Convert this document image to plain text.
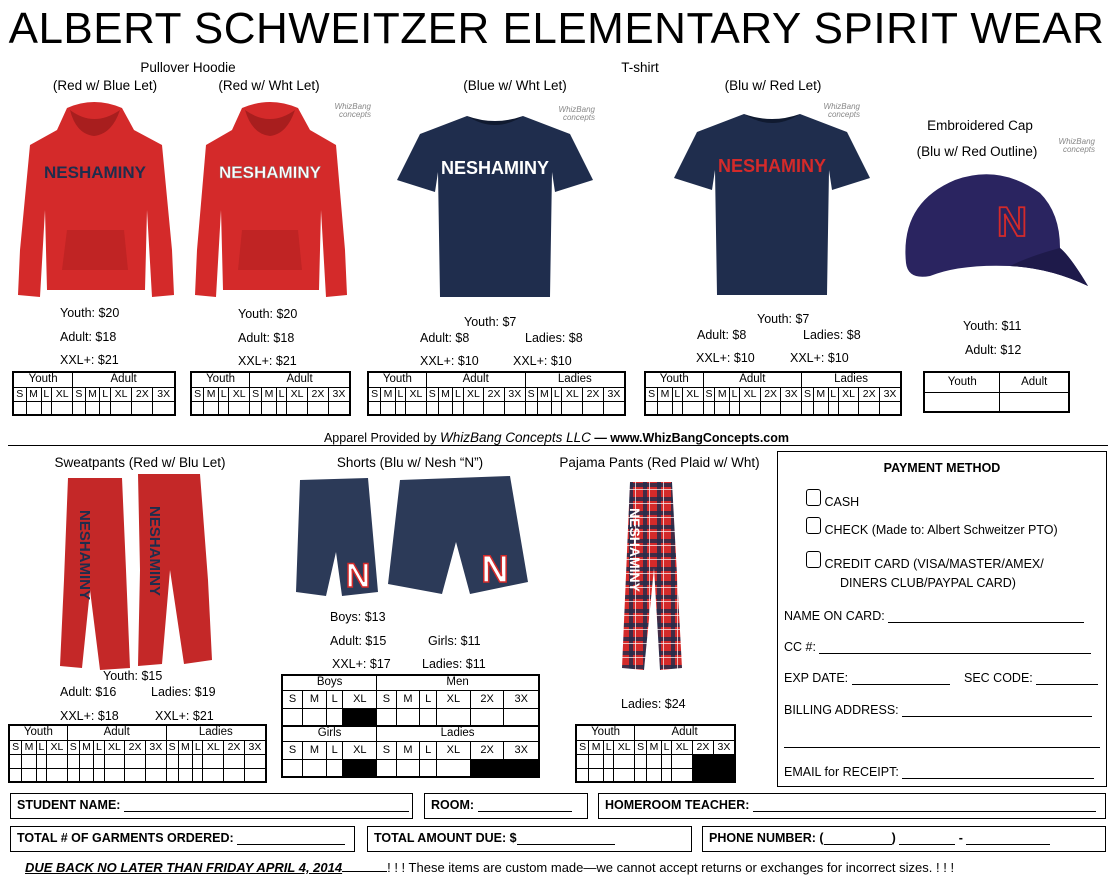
ALBERT SCHWEITZER ELEMENTARY SPIRIT WEAR
Pullover Hoodie
(Red w/ Blue Let)	(Red w/ Wht Let)
T-shirt
(Blue w/ Wht Let)	(Blu w/ Red Let)
Embroidered Cap
(Blu w/ Red Outline)
WhizBang concepts
WhizBang concepts
WhizBang concepts
WhizBang concepts
NESHAMINY	NESHAMINY	NESHAMINY	NESHAMINY
N
Youth: $20
Adult: $18
XXL+: $21
Youth: $20
Adult: $18
XXL+: $21
Youth: $7
Adult: $8	Ladies: $8
XXL+: $10	XXL+: $10
Youth: $7
Adult: $8	Ladies: $8
XXL+: $10	XXL+: $10
Youth: $11
Adult: $12
Youth				Adult					
S	M	L	XL	S	M	L	XL	2X	3X

Youth				Adult					
S	M	L	XL	S	M	L	XL	2X	3X

Youth				Adult						Ladies					
S	M	L	XL	S	M	L	XL	2X	3X	S	M	L	XL	2X	3X

Youth				Adult						Ladies					
S	M	L	XL	S	M	L	XL	2X	3X	S	M	L	XL	2X	3X

Youth	Adult

Apparel Provided by WhizBang Concepts LLC — www.WhizBangConcepts.com
Sweatpants (Red w/ Blu Let)	Shorts (Blu w/ Nesh “N”)	Pajama Pants (Red Plaid w/ Wht)
NESHAMINY	NESHAMINY	N	N	NESHAMINY
Youth: $15
Adult: $16	Ladies: $19
XXL+: $18	XXL+: $21
Boys: $13
Adult: $15	Girls: $11
XXL+: $17	Ladies: $11
Ladies: $24
Youth				Adult						Ladies					
S	M	L	XL	S	M	L	XL	2X	3X	S	M	L	XL	2X	3X

Boys				Men					
S	M	L	XL	S	M	L	XL	2X	3X

Girls				Ladies					
S	M	L	XL	S	M	L	XL	2X	3X

Youth				Adult					
S	M	L	XL	S	M	L	XL	2X	3X

PAYMENT METHOD
CASH
CHECK (Made to: Albert Schweitzer PTO)
CREDIT CARD (VISA/MASTER/AMEX/
DINERS CLUB/PAYPAL CARD)
NAME ON CARD:
CC #:
EXP DATE:	SEC CODE:
BILLING ADDRESS:
EMAIL for RECEIPT:
STUDENT NAME:	ROOM:	HOMEROOM TEACHER:
TOTAL # OF GARMENTS ORDERED:	TOTAL AMOUNT DUE: $	PHONE NUMBER: (	)	-
DUE BACK NO LATER THAN FRIDAY APRIL 4, 2014	! ! ! These items are custom made—we cannot accept returns or exchanges for incorrect sizes. ! ! !
